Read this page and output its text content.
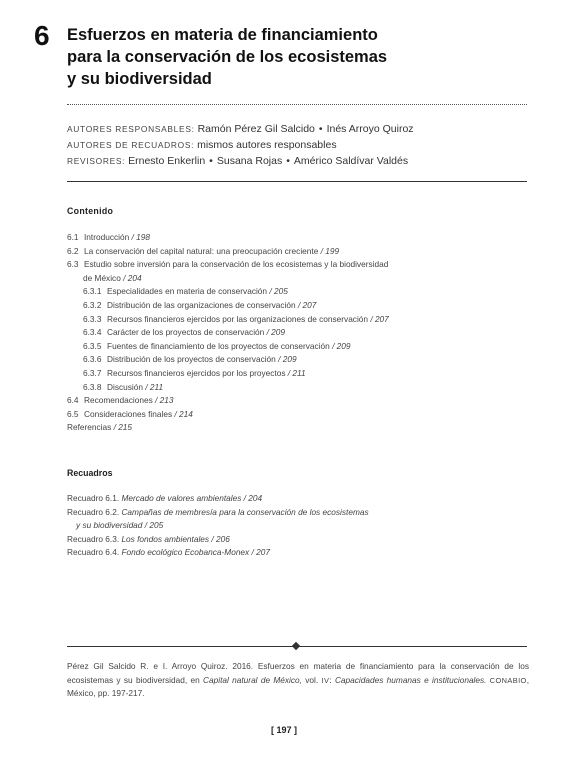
6 Esfuerzos en materia de financiamiento
para la conservación de los ecosistemas
y su biodiversidad
AUTORES RESPONSABLES: Ramón Pérez Gil Salcido • Inés Arroyo Quiroz
AUTORES DE RECUADROS: mismos autores responsables
REVISORES: Ernesto Enkerlin • Susana Rojas • Américo Saldívar Valdés
Contenido
6.1 Introducción / 198
6.2 La conservación del capital natural: una preocupación creciente / 199
6.3 Estudio sobre inversión para la conservación de los ecosistemas y la biodiversidad
de México / 204
6.3.1 Especialidades en materia de conservación / 205
6.3.2 Distribución de las organizaciones de conservación / 207
6.3.3 Recursos financieros ejercidos por las organizaciones de conservación / 207
6.3.4 Carácter de los proyectos de conservación / 209
6.3.5 Fuentes de financiamiento de los proyectos de conservación / 209
6.3.6 Distribución de los proyectos de conservación / 209
6.3.7 Recursos financieros ejercidos por los proyectos / 211
6.3.8 Discusión / 211
6.4 Recomendaciones / 213
6.5 Consideraciones finales / 214
Referencias / 215
Recuadros
Recuadro 6.1. Mercado de valores ambientales / 204
Recuadro 6.2. Campañas de membresía para la conservación de los ecosistemas
y su biodiversidad / 205
Recuadro 6.3. Los fondos ambientales / 206
Recuadro 6.4. Fondo ecológico Ecobanca-Monex / 207
Pérez Gil Salcido R. e I. Arroyo Quiroz. 2016. Esfuerzos en materia de financiamiento para la conservación de los ecosistemas y su biodiversidad, en Capital natural de México, vol. IV: Capacidades humanas e institucionales. CONABIO, México, pp. 197-217.
[ 197 ]
